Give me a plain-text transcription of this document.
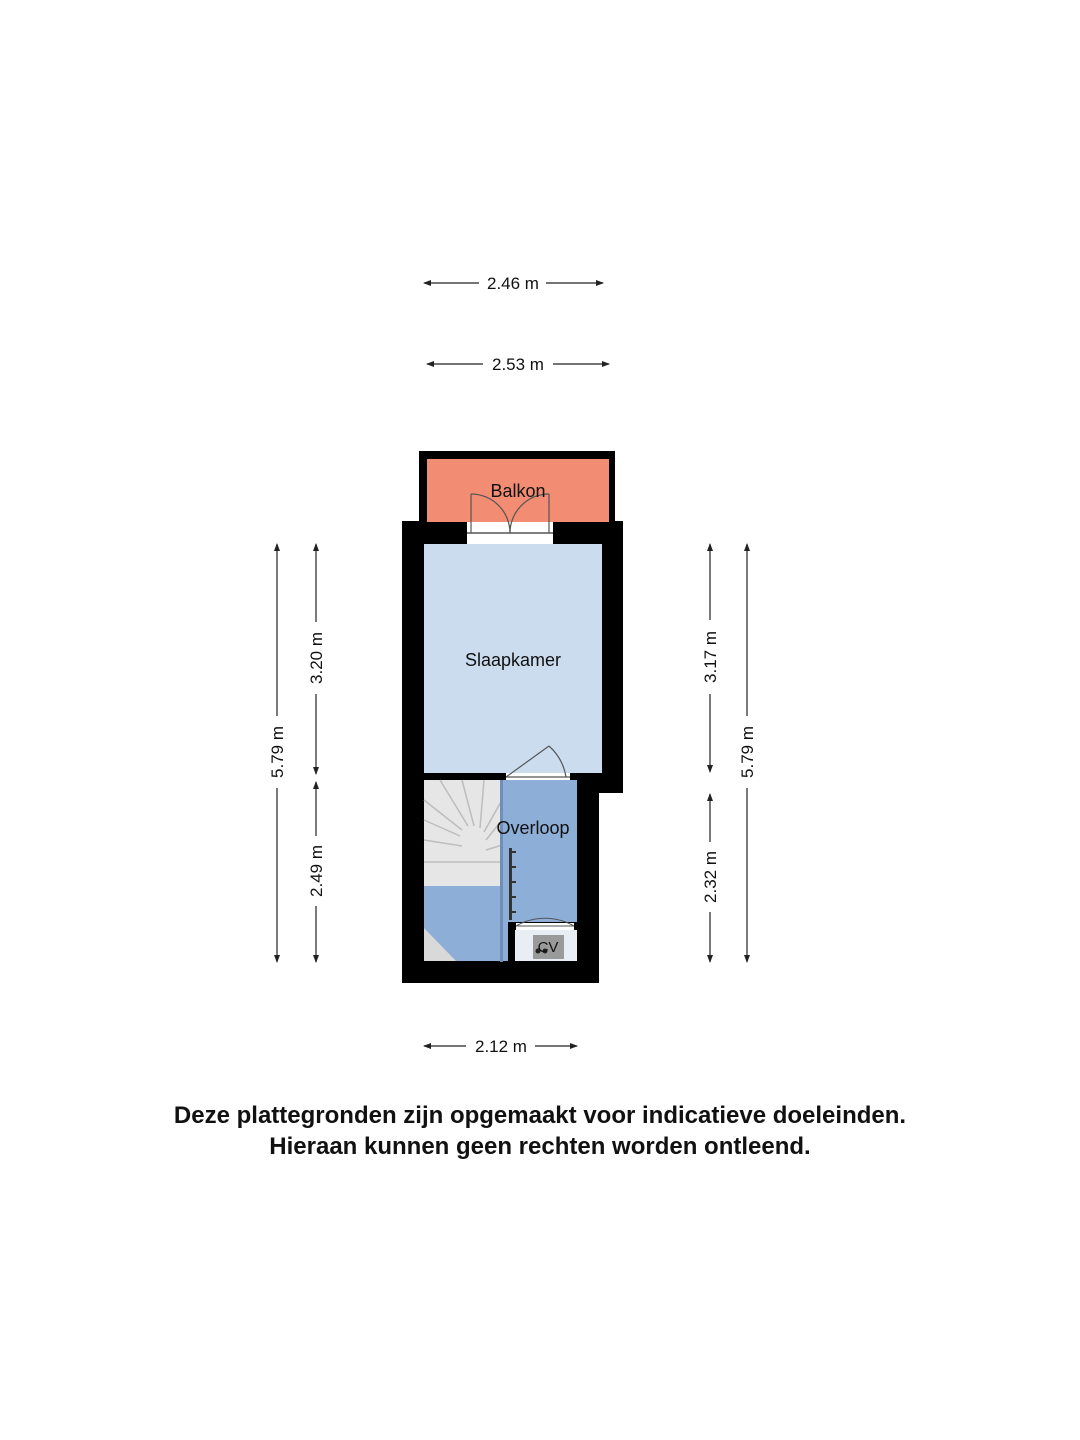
Balkon
Slaapkamer
Overloop
CV
2.46 m
2.53 m
2.12 m
5.79 m
3.20 m
2.49 m
3.17 m
2.32 m
5.79 m
Deze plattegronden zijn opgemaakt voor indicatieve doeleinden.
Hieraan kunnen geen rechten worden ontleend.
